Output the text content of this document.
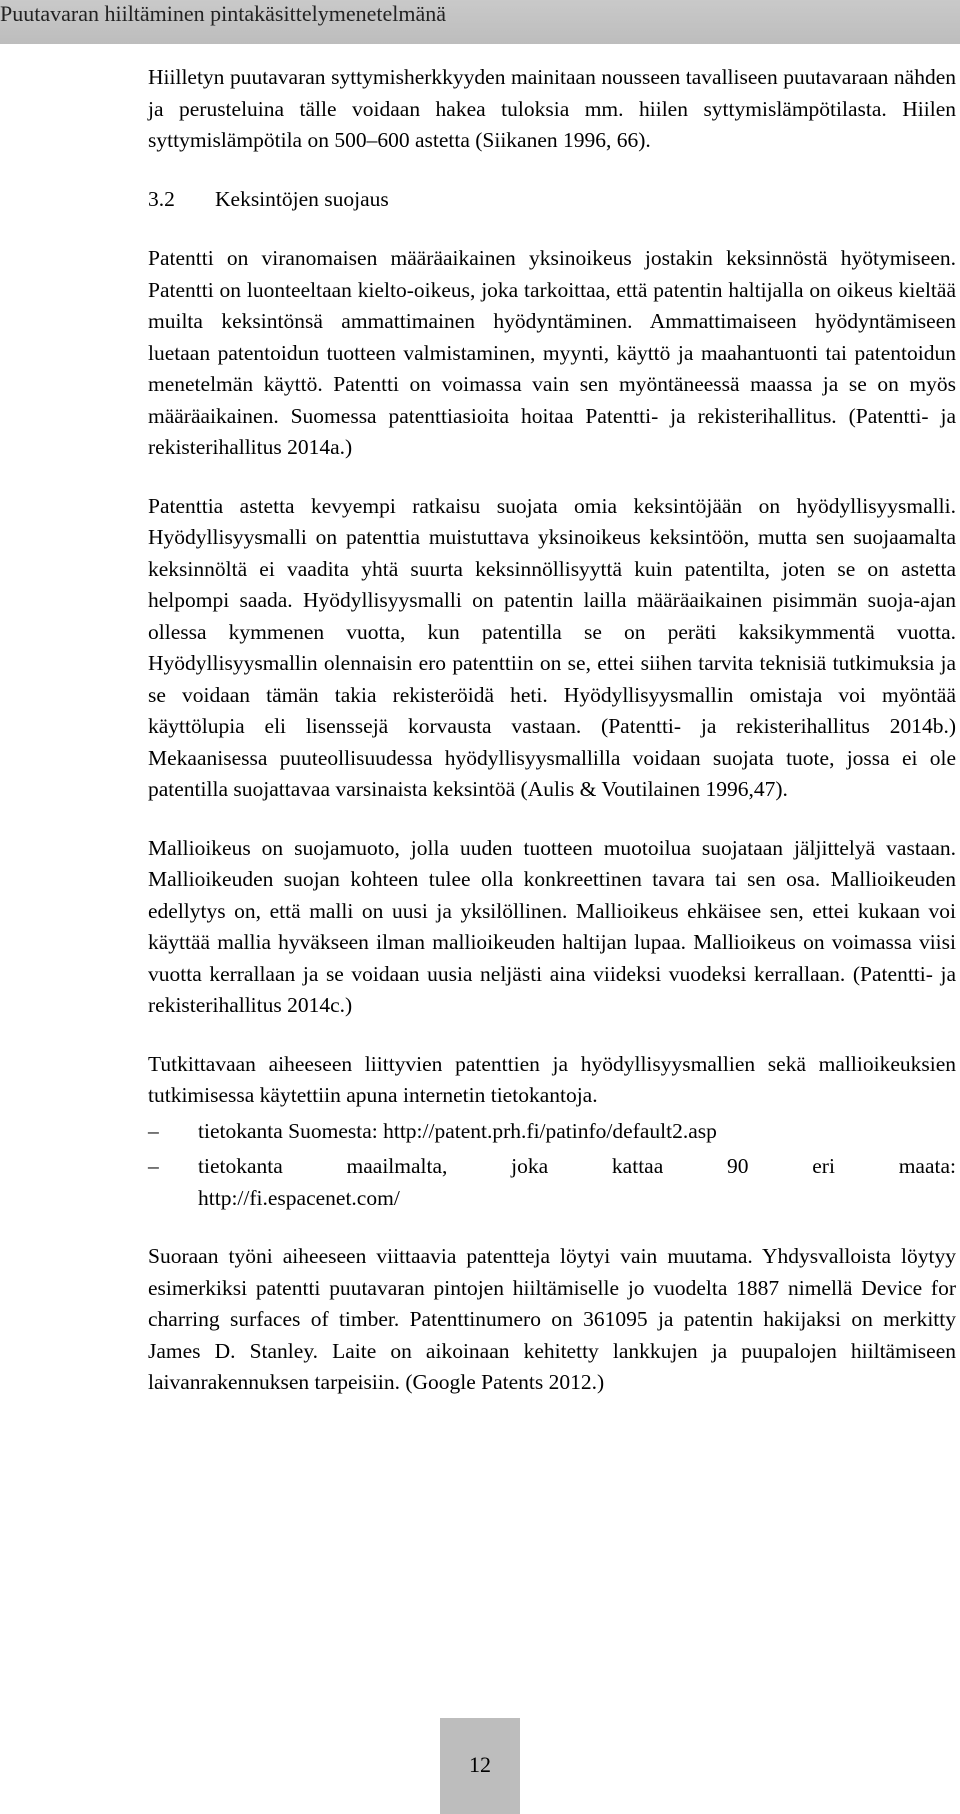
Puutavaran hiiltäminen pintakäsittelymenetelmänä

Hiilletyn puutavaran syttymisherkkyyden mainitaan nousseen tavalliseen puutavaraan nähden ja perusteluina tälle voidaan hakea tuloksia mm. hiilen syttymislämpötilasta. Hiilen syttymislämpötila on 500–600 astetta (Siikanen 1996, 66).

3.2 Keksintöjen suojaus

Patentti on viranomaisen määräaikainen yksinoikeus jostakin keksinnöstä hyötymiseen. Patentti on luonteeltaan kielto-oikeus, joka tarkoittaa, että patentin haltijalla on oikeus kieltää muilta keksintönsä ammattimainen hyödyntäminen. Ammattimaiseen hyödyntämiseen luetaan patentoidun tuotteen valmistaminen, myynti, käyttö ja maahantuonti tai patentoidun menetelmän käyttö. Patentti on voimassa vain sen myöntäneessä maassa ja se on myös määräaikainen. Suomessa patenttiasioita hoitaa Patentti- ja rekisterihallitus. (Patentti- ja rekisterihallitus 2014a.)

Patenttia astetta kevyempi ratkaisu suojata omia keksintöjään on hyödyllisyysmalli. Hyödyllisyysmalli on patenttia muistuttava yksinoikeus keksintöön, mutta sen suojaamalta keksinnöltä ei vaadita yhtä suurta keksinnöllisyyttä kuin patentilta, joten se on astetta helpompi saada. Hyödyllisyysmalli on patentin lailla määräaikainen pisimmän suoja-ajan ollessa kymmenen vuotta, kun patentilla se on peräti kaksikymmentä vuotta. Hyödyllisyysmallin olennaisin ero patenttiin on se, ettei siihen tarvita teknisiä tutkimuksia ja se voidaan tämän takia rekisteröidä heti. Hyödyllisyysmallin omistaja voi myöntää käyttölupia eli lisenssejä korvausta vastaan. (Patentti- ja rekisterihallitus 2014b.) Mekaanisessa puuteollisuudessa hyödyllisyysmallilla voidaan suojata tuote, jossa ei ole patentilla suojattavaa varsinaista keksintöä (Aulis & Voutilainen 1996,47).

Mallioikeus on suojamuoto, jolla uuden tuotteen muotoilua suojataan jäljittelyä vastaan. Mallioikeuden suojan kohteen tulee olla konkreettinen tavara tai sen osa. Mallioikeuden edellytys on, että malli on uusi ja yksilöllinen. Mallioikeus ehkäisee sen, ettei kukaan voi käyttää mallia hyväkseen ilman mallioikeuden haltijan lupaa. Mallioikeus on voimassa viisi vuotta kerrallaan ja se voidaan uusia neljästi aina viideksi vuodeksi kerrallaan. (Patentti- ja rekisterihallitus 2014c.)

Tutkittavaan aiheeseen liittyvien patenttien ja hyödyllisyysmallien sekä mallioikeuksien tutkimisessa käytettiin apuna internetin tietokantoja.

–	tietokanta Suomesta: http://patent.prh.fi/patinfo/default2.asp
–	tietokanta maailmalta, joka kattaa 90 eri maata:
http://fi.espacenet.com/

Suoraan työni aiheeseen viittaavia patentteja löytyi vain muutama. Yhdysvalloista löytyy esimerkiksi patentti puutavaran pintojen hiiltämiselle jo vuodelta 1887 nimellä Device for charring surfaces of timber. Patenttinumero on 361095 ja patentin hakijaksi on merkitty James D. Stanley. Laite on aikoinaan kehitetty lankkujen ja puupalojen hiiltämiseen laivanrakennuksen tarpeisiin. (Google Patents 2012.)

12
